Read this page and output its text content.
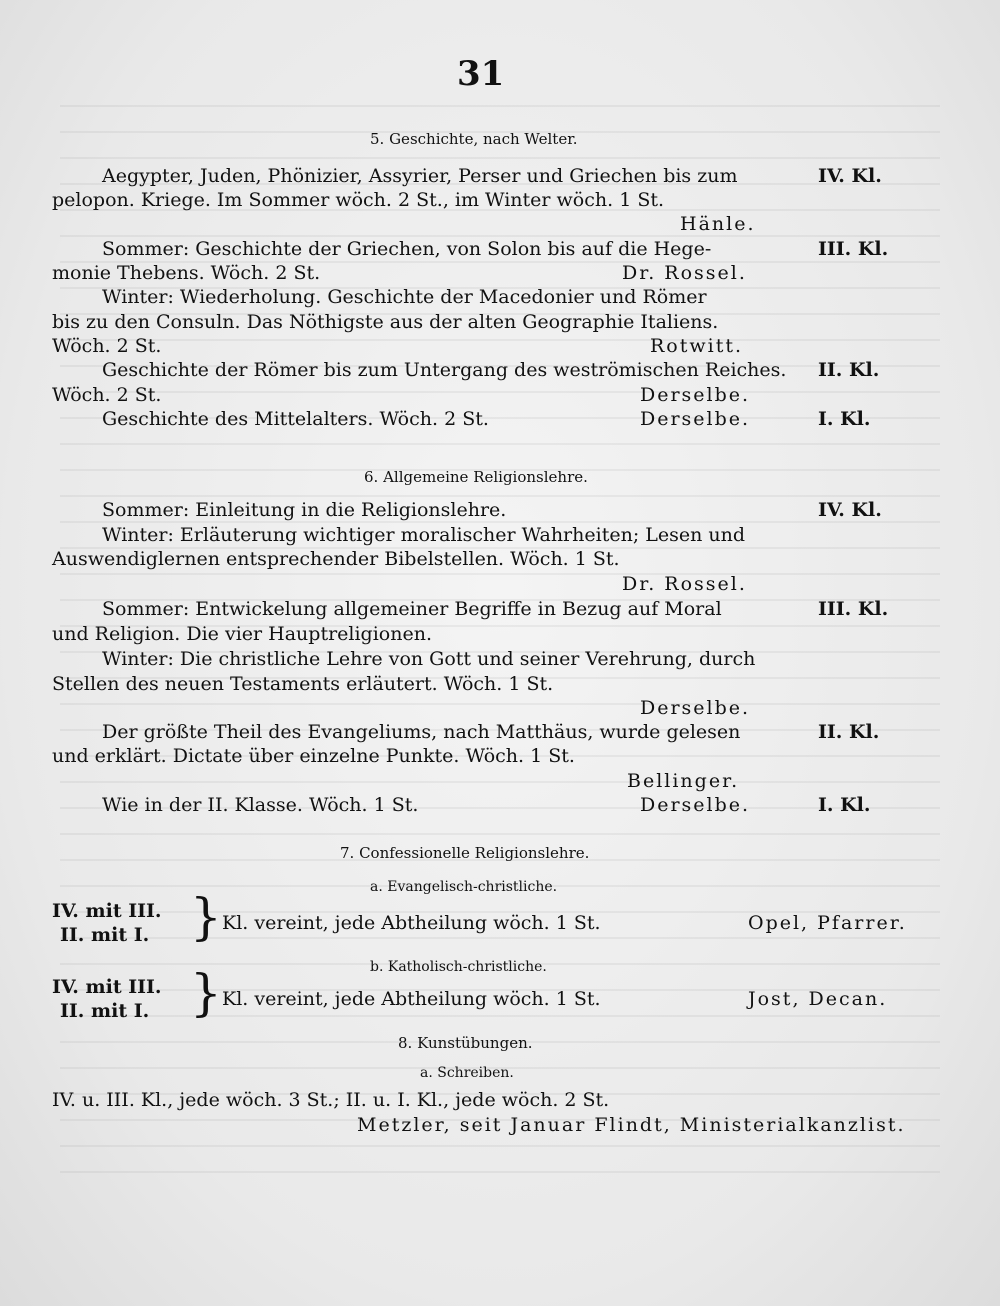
31
5. Geschichte, nach Welter.
Aegypter, Juden, Phönizier, Assyrier, Perser und Griechen bis zum	IV. Kl.
pelopon. Kriege. Im Sommer wöch. 2 St., im Winter wöch. 1 St.
Hänle.
Sommer: Geschichte der Griechen, von Solon bis auf die Hege-	III. Kl.
monie Thebens. Wöch. 2 St.	Dr. Rossel.
Winter: Wiederholung. Geschichte der Macedonier und Römer
bis zu den Consuln. Das Nöthigste aus der alten Geographie Italiens.
Wöch. 2 St.	Rotwitt.
Geschichte der Römer bis zum Untergang des weströmischen Reiches. II. Kl.
Wöch. 2 St.	Derselbe.
Geschichte des Mittelalters. Wöch. 2 St.	Derselbe.	I. Kl.
6. Allgemeine Religionslehre.
Sommer: Einleitung in die Religionslehre.	IV. Kl.
Winter: Erläuterung wichtiger moralischer Wahrheiten; Lesen und
Auswendiglernen entsprechender Bibelstellen. Wöch. 1 St.
Dr. Rossel.
Sommer: Entwickelung allgemeiner Begriffe in Bezug auf Moral	III. Kl.
und Religion. Die vier Hauptreligionen.
Winter: Die christliche Lehre von Gott und seiner Verehrung, durch
Stellen des neuen Testaments erläutert. Wöch. 1 St.
Derselbe.
Der größte Theil des Evangeliums, nach Matthäus, wurde gelesen	II. Kl.
und erklärt. Dictate über einzelne Punkte. Wöch. 1 St.
Bellinger.
Wie in der II. Klasse. Wöch. 1 St.	Derselbe.	I. Kl.
7. Confessionelle Religionslehre.
a. Evangelisch-christliche.
IV. mit III.
II. mit I. } Kl. vereint, jede Abtheilung wöch. 1 St.	Opel, Pfarrer.
b. Katholisch-christliche.
IV. mit III.
II. mit I. } Kl. vereint, jede Abtheilung wöch. 1 St.	Jost, Decan.
8. Kunstübungen.
a. Schreiben.
IV. u. III. Kl., jede wöch. 3 St.; II. u. I. Kl., jede wöch. 2 St.
Metzler, seit Januar Flindt, Ministerialkanzlist.
